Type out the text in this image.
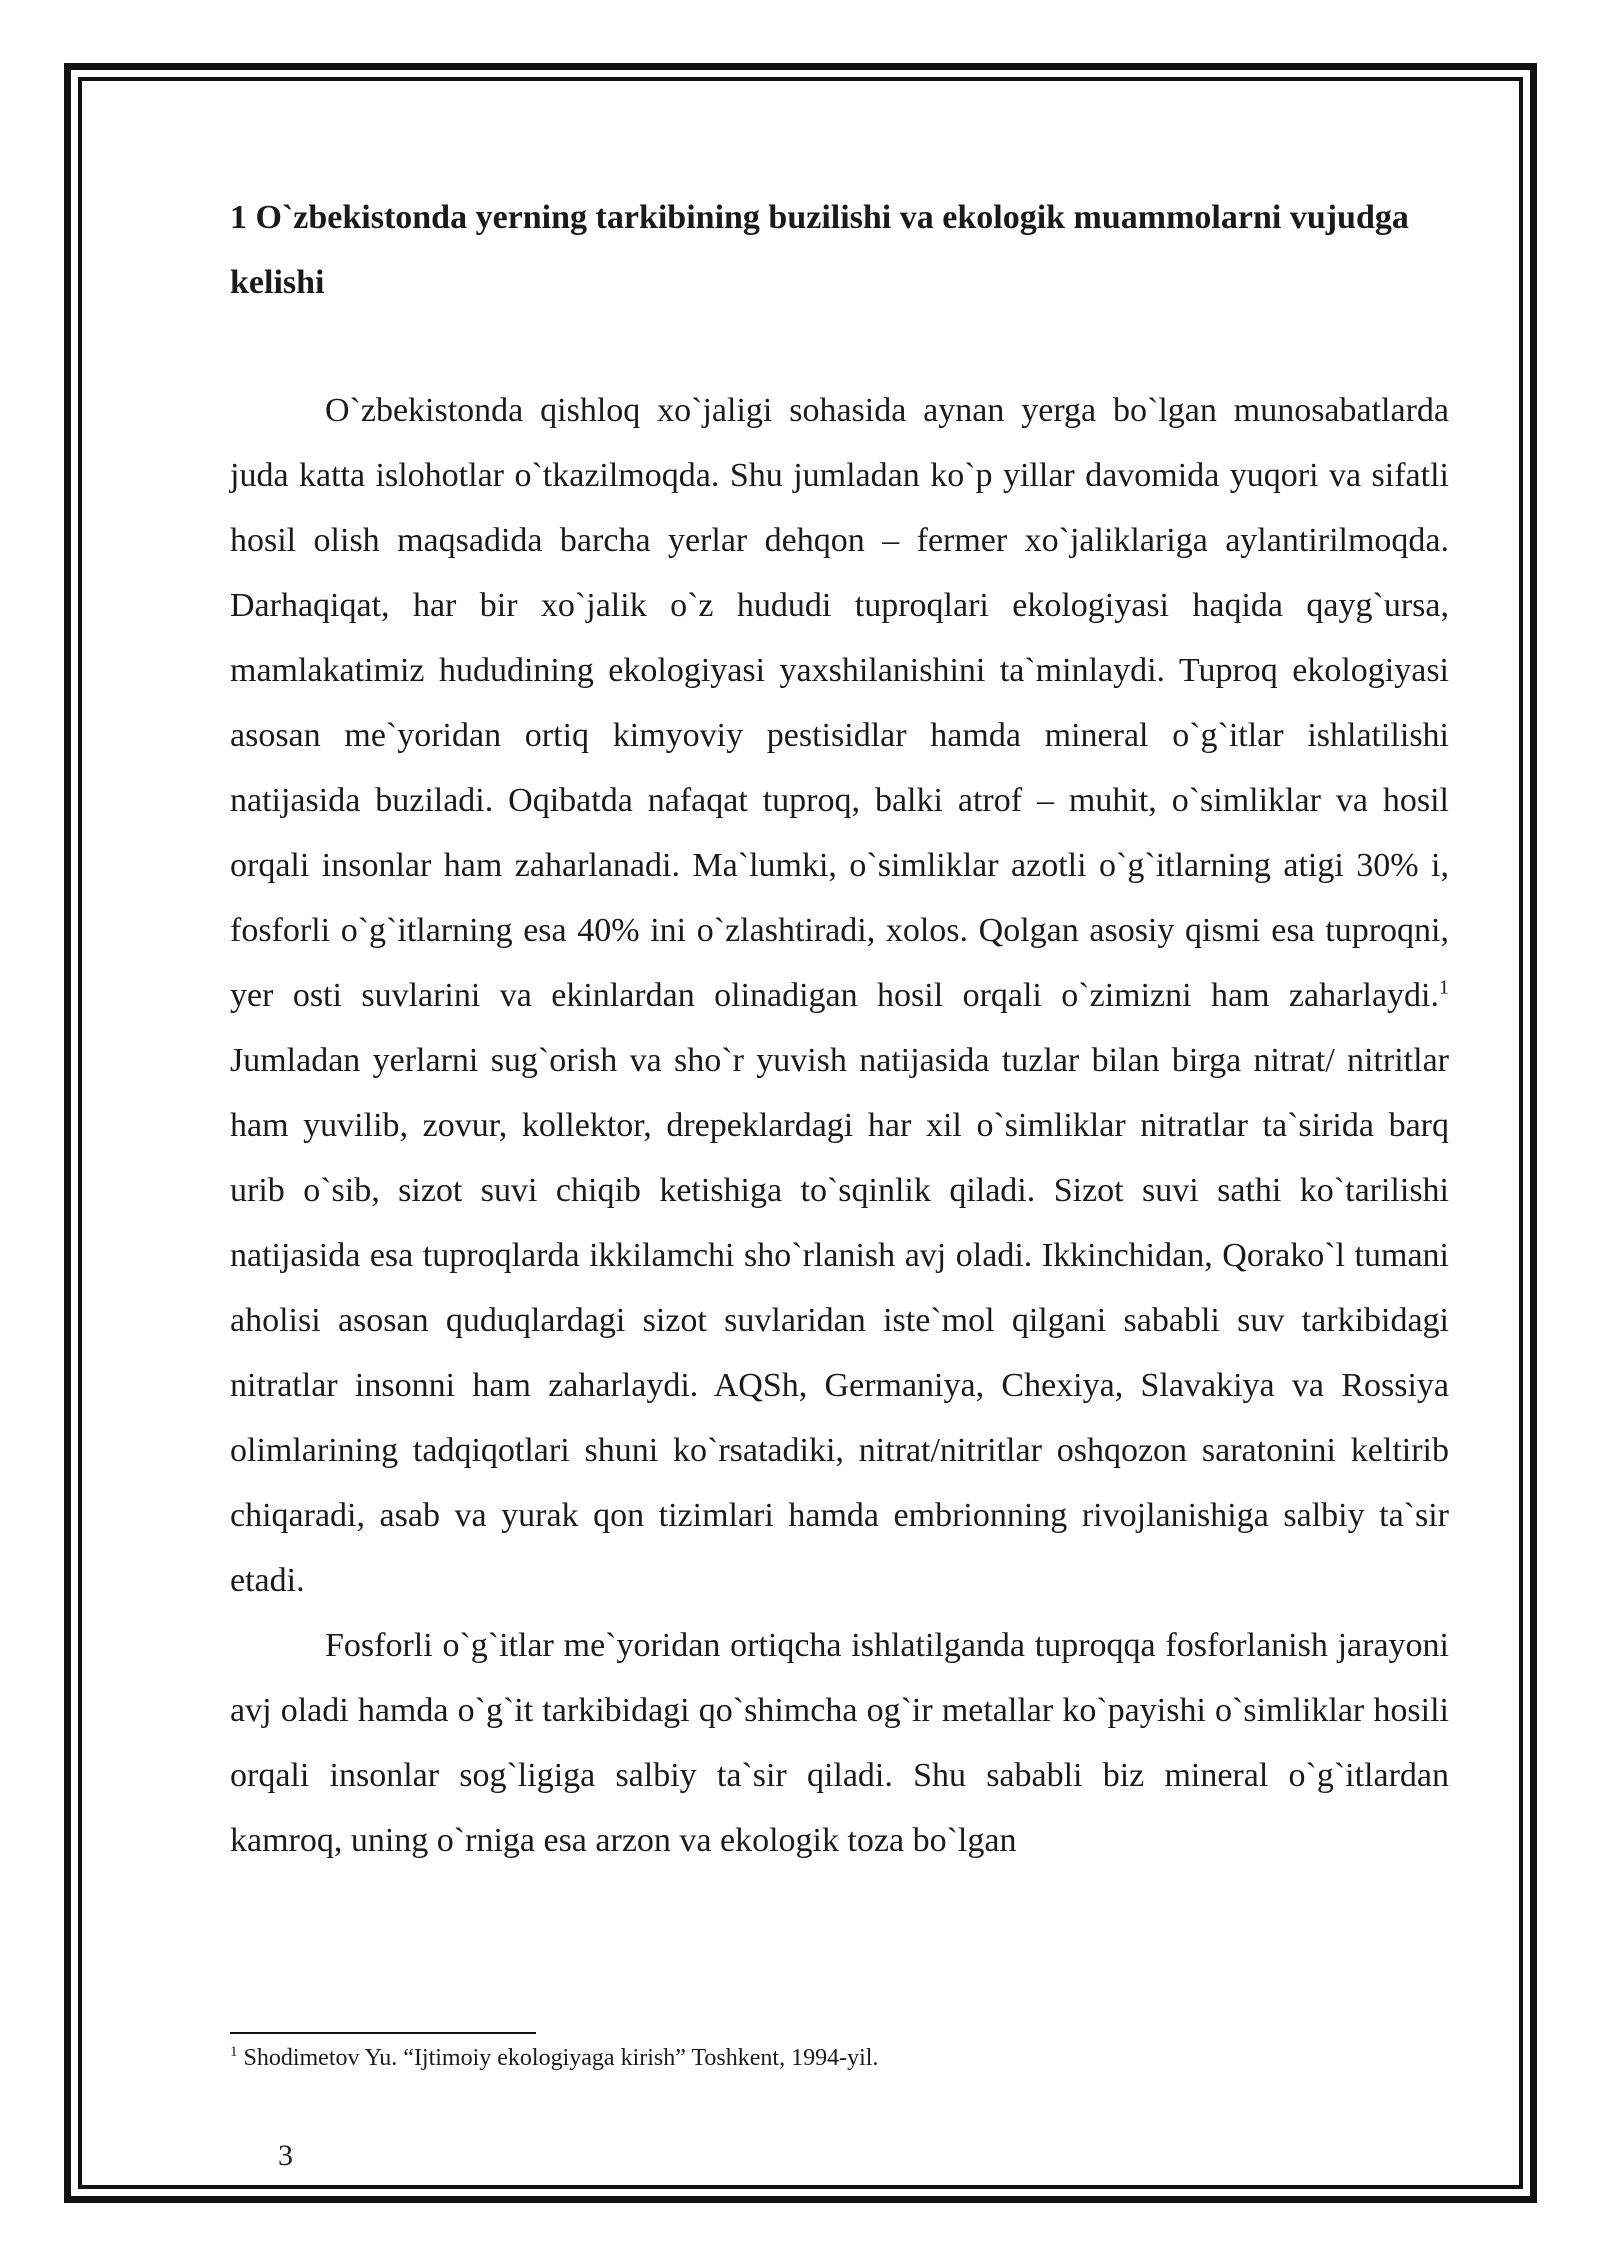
1 O`zbekistonda yerning tarkibining buzilishi va ekologik muammolarni vujudga kelishi

O`zbekistonda qishloq xo`jaligi sohasida aynan yerga bo`lgan munosabatlarda juda katta islohotlar o`tkazilmoqda. Shu jumladan ko`p yillar davomida yuqori va sifatli hosil olish maqsadida barcha yerlar dehqon – fermer xo`jaliklariga aylantirilmoqda. Darhaqiqat, har bir xo`jalik o`z hududi tuproqlari ekologiyasi haqida qayg`ursa, mamlakatimiz hududining ekologiyasi yaxshilanishini ta`minlaydi. Tuproq ekologiyasi asosan me`yoridan ortiq kimyoviy pestisidlar hamda mineral o`g`itlar ishlatilishi natijasida buziladi. Oqibatda nafaqat tuproq, balki atrof – muhit, o`simliklar va hosil orqali insonlar ham zaharlanadi. Ma`lumki, o`simliklar azotli o`g`itlarning atigi 30% i, fosforli o`g`itlarning esa 40% ini o`zlashtiradi, xolos. Qolgan asosiy qismi esa tuproqni, yer osti suvlarini va ekinlardan olinadigan hosil orqali o`zimizni ham zaharlaydi.$^1$ Jumladan yerlarni sug`orish va sho`r yuvish natijasida tuzlar bilan birga nitrat/ nitritlar ham yuvilib, zovur, kollektor, drepeklardagi har xil o`simliklar nitratlar ta`sirida barq urib o`sib, sizot suvi chiqib ketishiga to`sqinlik qiladi. Sizot suvi sathi ko`tarilishi natijasida esa tuproqlarda ikkilamchi sho`rlanish avj oladi. Ikkinchidan, Qorako`l tumani aholisi asosan quduqlardagi sizot suvlaridan iste`mol qilgani sababli suv tarkibidagi nitratlar insonni ham zaharlaydi. AQSh, Germaniya, Chexiya, Slavakiya va Rossiya olimlarining tadqiqotlari shuni ko`rsatadiki, nitrat/nitritlar oshqozon saratonini keltirib chiqaradi, asab va yurak qon tizimlari hamda embrionning rivojlanishiga salbiy ta`sir etadi.

Fosforli o`g`itlar me`yoridan ortiqcha ishlatilganda tuproqqa fosforlanish jarayoni avj oladi hamda o`g`it tarkibidagi qo`shimcha og`ir metallar ko`payishi o`simliklar hosili orqali insonlar sog`ligiga salbiy ta`sir qiladi. Shu sababli biz mineral o`g`itlardan kamroq, uning o`rniga esa arzon va ekologik toza bo`lgan

$^1$ Shodimetov Yu. “Ijtimoiy ekologiyaga kirish” Toshkent, 1994-yil.
3
